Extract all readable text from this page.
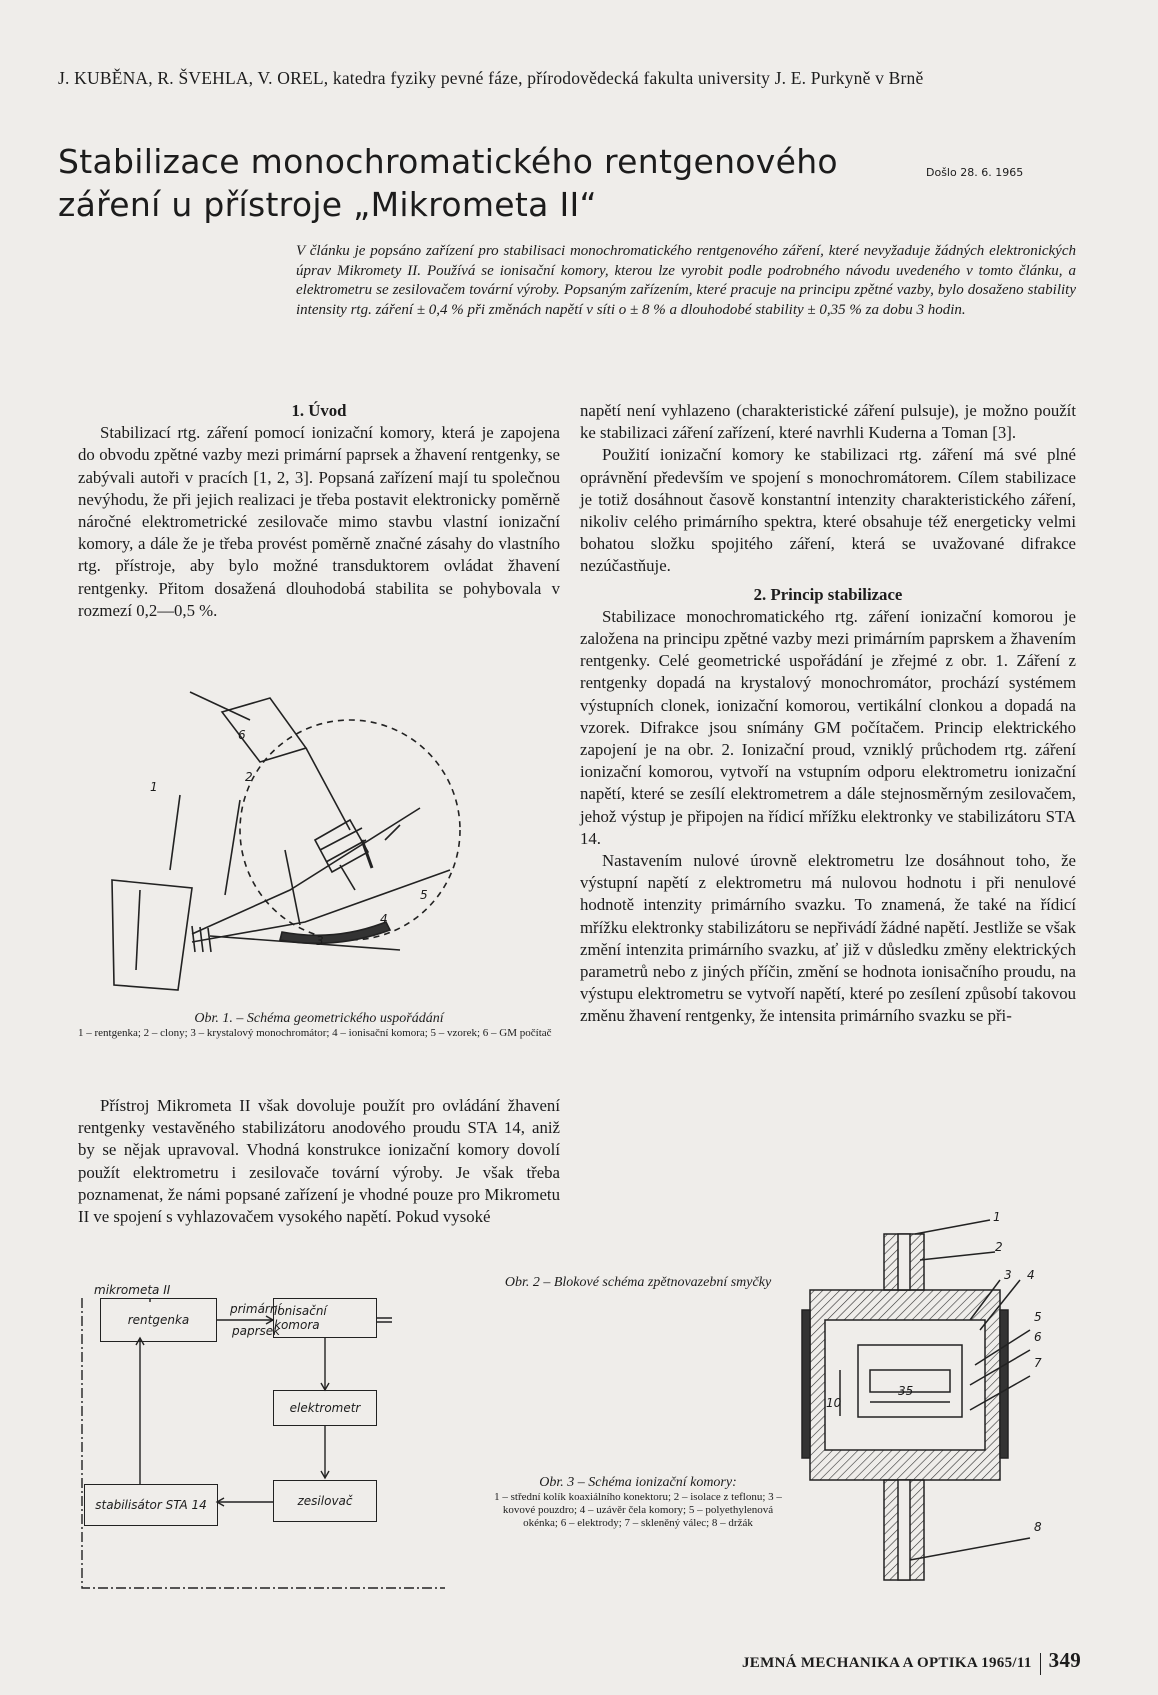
J. KUBĚNA, R. ŠVEHLA, V. OREL, katedra fyziky pevné fáze, přírodovědecká fakulta university J. E. Purkyně v Brně
Stabilizace monochromatického rentgenového záření u přístroje „Mikrometa II“
Došlo 28. 6. 1965
V článku je popsáno zařízení pro stabilisaci monochromatického rentgenového záření, které nevyžaduje žádných elektronických úprav Mikromety II. Používá se ionisační komory, kterou lze vyrobit podle podrobného návodu uvedeného v tomto článku, a elektrometru se zesilovačem tovární výroby. Popsaným zařízením, které pracuje na principu zpětné vazby, bylo dosaženo stability intensity rtg. záření ± 0,4 % při změnách napětí v síti o ± 8 % a dlouhodobé stability ± 0,35 % za dobu 3 hodin.
1. Úvod

Stabilizací rtg. záření pomocí ionizační komory, která je zapojena do obvodu zpětné vazby mezi primární paprsek a žhavení rentgenky, se zabývali autoři v pracích [1, 2, 3]. Popsaná zařízení mají tu společnou nevýhodu, že při jejich realizaci je třeba postavit elektronicky poměrně náročné elektrometrické zesilovače mimo stavbu vlastní ionizační komory, a dále že je třeba provést poměrně značné zásahy do vlastního rtg. přístroje, aby bylo možné transduktorem ovládat žhavení rentgenky. Přitom dosažená dlouhodobá stabilita se pohybovala v rozmezí 0,2—0,5 %.

1
2
3
4
5
6
Obr. 1. – Schéma geometrického uspořádání
1 – rentgenka; 2 – clony; 3 – krystalový monochromátor; 4 – ionisační komora; 5 – vzorek; 6 – GM počítač

Přístroj Mikrometa II však dovoluje použít pro ovládání žhavení rentgenky vestavěného stabilizátoru anodového proudu STA 14, aniž by se nějak upravoval. Vhodná konstrukce ionizační komory dovolí použít elektrometru i zesilovače tovární výroby. Je však třeba poznamenat, že námi popsané zařízení je vhodné pouze pro Mikrometu II ve spojení s vyhlazovačem vysokého napětí. Pokud vysoké

napětí není vyhlazeno (charakteristické záření pulsuje), je možno použít ke stabilizaci záření zařízení, které navrhli Kuderna a Toman [3].

Použití ionizační komory ke stabilizaci rtg. záření má své plné oprávnění především ve spojení s monochromátorem. Cílem stabilizace je totiž dosáhnout časově konstantní intenzity charakteristického záření, nikoliv celého primárního spektra, které obsahuje též energeticky velmi bohatou složku spojitého záření, která se uvažované difrakce nezúčastňuje.

2. Princip stabilizace

Stabilizace monochromatického rtg. záření ionizační komorou je založena na principu zpětné vazby mezi primárním paprskem a žhavením rentgenky. Celé geometrické uspořádání je zřejmé z obr. 1. Záření z rentgenky dopadá na krystalový monochromátor, prochází systémem výstupních clonek, ionizační komorou, vertikální clonkou a dopadá na vzorek. Difrakce jsou snímány GM počítačem. Princip elektrického zapojení je na obr. 2. Ionizační proud, vzniklý průchodem rtg. záření ionizační komorou, vytvoří na vstupním odporu elektrometru ionizační napětí, které se zesílí elektrometrem a dále stejnosměrným zesilovačem, jehož výstup je připojen na řídicí mřížku elektronky ve stabilizátoru STA 14.

Nastavením nulové úrovně elektrometru lze dosáhnout toho, že výstupní napětí z elektrometru má nulovou hodnotu i při nenulové hodnotě intenzity primárního svazku. To znamená, že také na řídicí mřížku elektronky stabilizátoru se nepřivádí žádné napětí. Jestliže se však změní intenzita primárního svazku, ať již v důsledku změny elektrických parametrů nebo z jiných příčin, změní se hodnota ionisačního proudu, na výstupu elektrometru se vytvoří napětí, které po zesílení způsobí takovou změnu žhavení rentgenky, že intensita primárního svazku se při-

mikrometa II
rentgenka
primární
paprsek
ionisační komora
elektrometr
stabilisátor STA 14	zesilovač
Obr. 2 – Blokové schéma zpětnovazební smyčky
1
2
3 4
5
6
7
8
35
10
Obr. 3 – Schéma ionizační komory:
1 – střední kolík koaxiálního konektoru; 2 – isolace z teflonu; 3 – kovové pouzdro; 4 – uzávěr čela komory; 5 – polyethylenová okénka; 6 – elektrody; 7 – skleněný válec; 8 – držák
JEMNÁ MECHANIKA A OPTIKA 1965/11 349
